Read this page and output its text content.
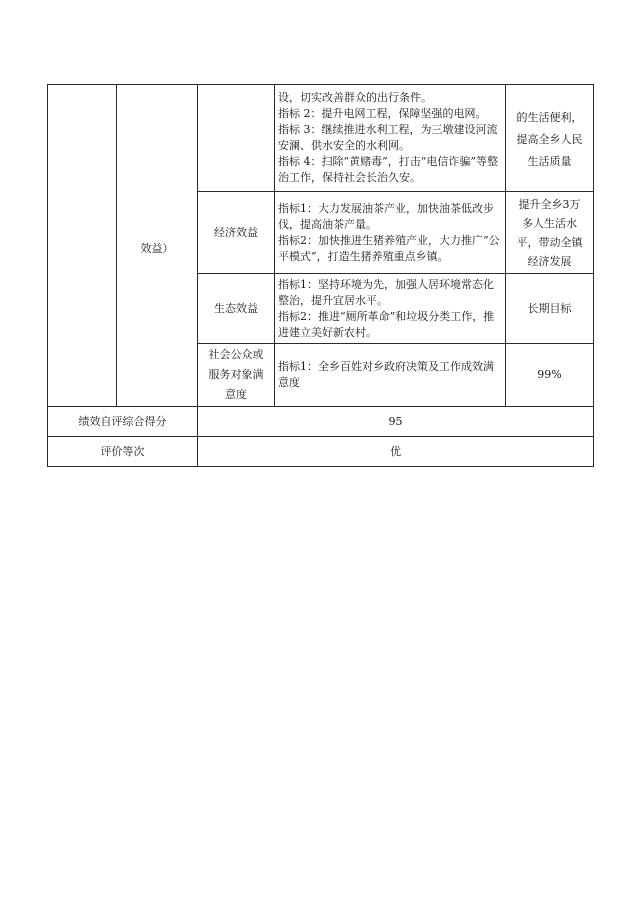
	效益）		设，切实改善群众的出行条件。
指标 2：提升电网工程，保障坚强的电网。
指标 3：继续推进水利工程，为三墩建设河流安澜、供水安全的水利网。
指标 4：扫除“黄赌毒”，打击“电信诈骗”等整治工作，保持社会长治久安。	的生活便利，
提高全乡人民
生活质量

		经济效益	指标1：大力发展油茶产业，加快油茶低改步伐，提高油茶产量。
指标2：加快推进生猪养殖产业，大力推广“公平模式”，打造生猪养殖重点乡镇。	提升全乡3万
多人生活水
平，带动全镇
经济发展

		生态效益	指标1：坚持环境为先，加强人居环境常态化整治，提升宜居水平。
指标2：推进“厕所革命”和垃圾分类工作，推进建立美好新农村。	长期目标

		社会公众或
服务对象满
意度	指标1：全乡百姓对乡政府决策及工作成效满意度	99%
绩效自评综合得分		95		
评价等次		优		
